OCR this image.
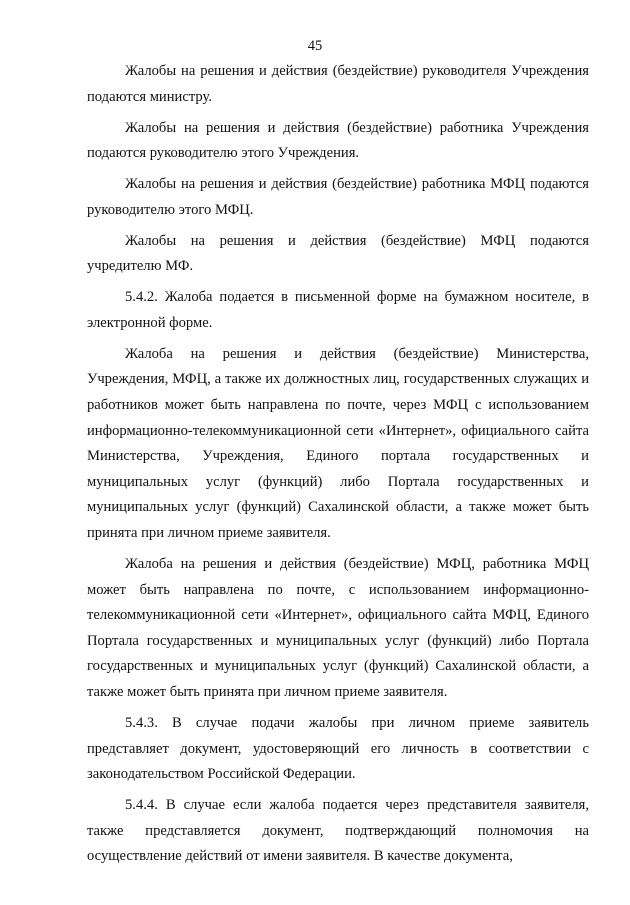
45

Жалобы на решения и действия (бездействие) руководителя Учреждения подаются министру.

Жалобы на решения и действия (бездействие) работника Учреждения подаются руководителю этого Учреждения.

Жалобы на решения и действия (бездействие) работника МФЦ подаются руководителю этого МФЦ.

Жалобы на решения и действия (бездействие) МФЦ подаются учредителю МФ.

5.4.2. Жалоба подается в письменной форме на бумажном носителе, в электронной форме.

Жалоба на решения и действия (бездействие) Министерства, Учреждения, МФЦ, а также их должностных лиц, государственных служащих и работников может быть направлена по почте, через МФЦ с использованием информационно-телекоммуникационной сети «Интернет», официального сайта Министерства, Учреждения, Единого портала государственных и муниципальных услуг (функций) либо Портала государственных и муниципальных услуг (функций) Сахалинской области, а также может быть принята при личном приеме заявителя.

Жалоба на решения и действия (бездействие) МФЦ, работника МФЦ может быть направлена по почте, с использованием информационно-телекоммуникационной сети «Интернет», официального сайта МФЦ, Единого Портала государственных и муниципальных услуг (функций) либо Портала государственных и муниципальных услуг (функций) Сахалинской области, а также может быть принята при личном приеме заявителя.

5.4.3. В случае подачи жалобы при личном приеме заявитель представляет документ, удостоверяющий его личность в соответствии с законодательством Российской Федерации.

5.4.4. В случае если жалоба подается через представителя заявителя, также представляется документ, подтверждающий полномочия на осуществление действий от имени заявителя. В качестве документа,
